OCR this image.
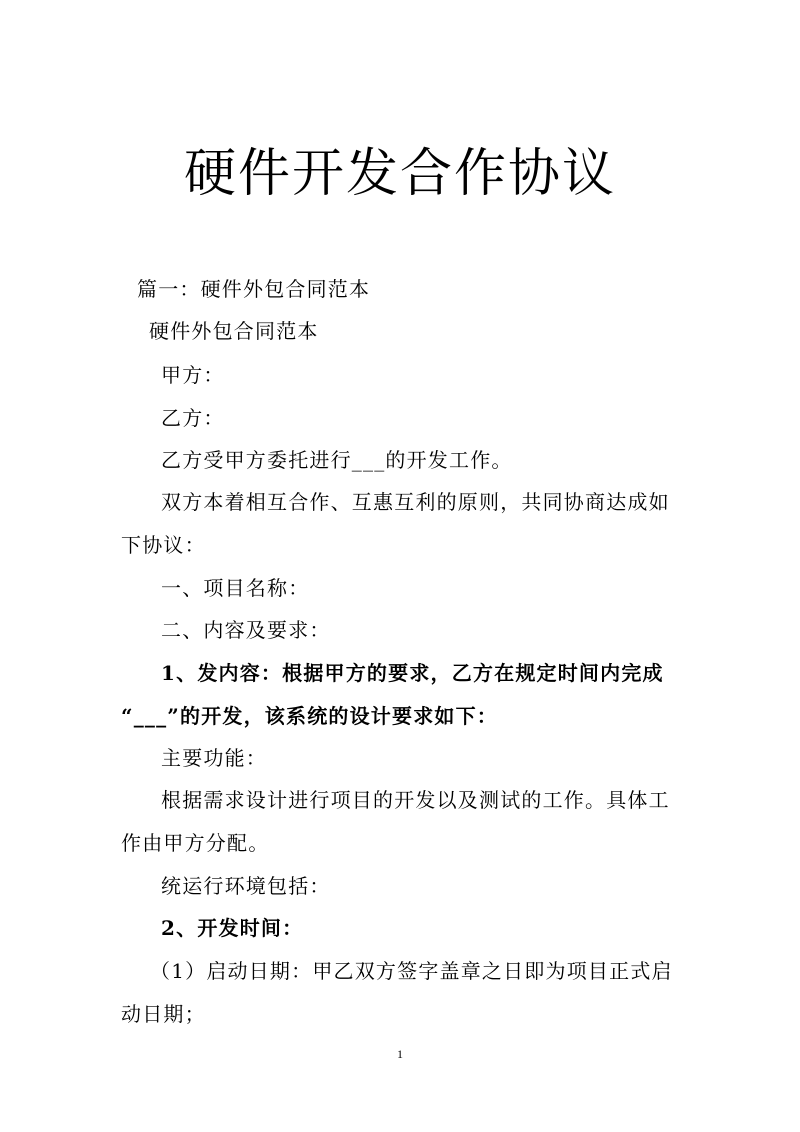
硬件开发合作协议
篇一：硬件外包合同范本
硬件外包合同范本
甲方：
乙方：
乙方受甲方委托进行___的开发工作。
双方本着相互合作、互惠互利的原则，共同协商达成如
下协议：
一、项目名称：
二、内容及要求：
1、发内容：根据甲方的要求，乙方在规定时间内完成
“___”的开发，该系统的设计要求如下：
主要功能：
根据需求设计进行项目的开发以及测试的工作。具体工
作由甲方分配。
统运行环境包括：
2、开发时间：
（1）启动日期：甲乙双方签字盖章之日即为项目正式启
动日期；
1
